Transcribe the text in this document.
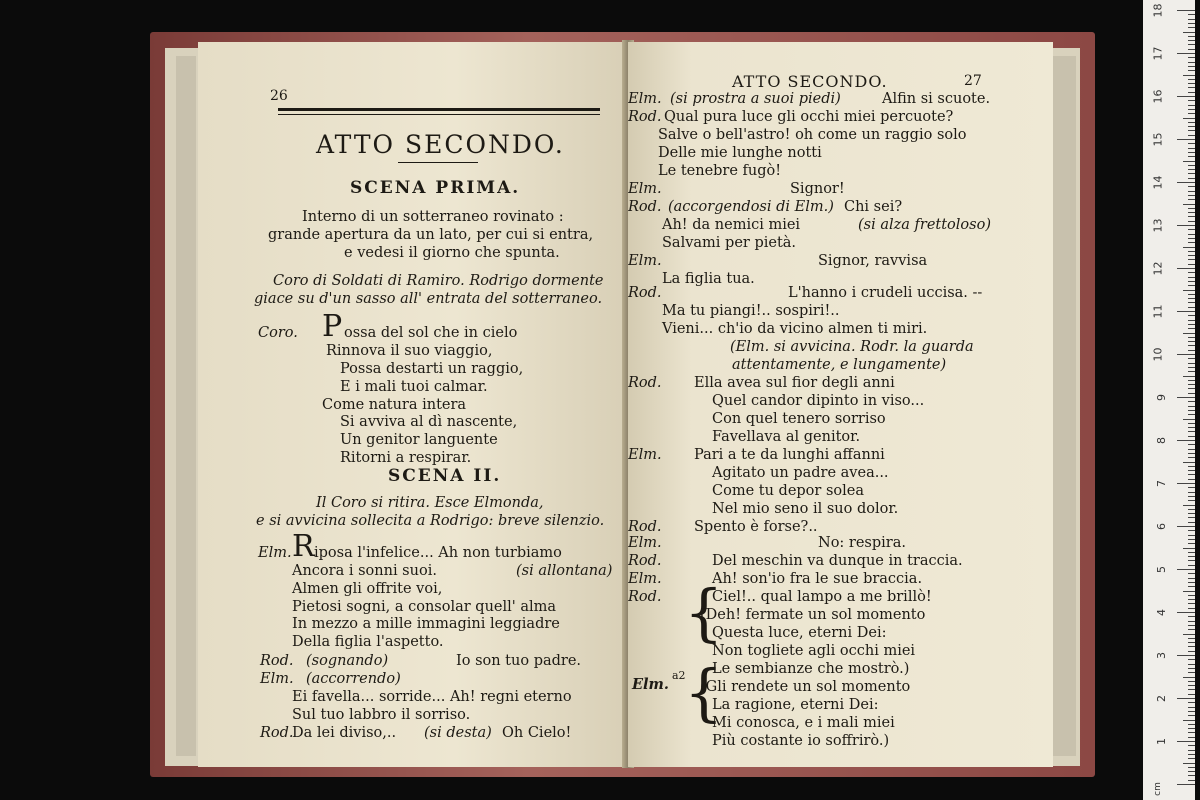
26
ATTO SECONDO.
SCENA PRIMA.
Interno di un sotterraneo rovinato :
grande apertura da un lato, per cui si entra,
e vedesi il giorno che spunta.
Coro di Soldati di Ramiro. Rodrigo dormente
giace su d'un sasso all' entrata del sotterraneo.
Coro. P ossa del sol che in cielo
Rinnova il suo viaggio,
Possa destarti un raggio,
E i mali tuoi calmar.
Come natura intera
Si avviva al dì nascente,
Un genitor languente
Ritorni a respirar.
SCENA II.
Il Coro si ritira. Esce Elmonda,
e si avvicina sollecita a Rodrigo: breve silenzio.
Elm. R iposa l'infelice... Ah non turbiamo
Ancora i sonni suoi.	(si allontana)
Almen gli offrite voi,
Pietosi sogni, a consolar quell' alma
In mezzo a mille immagini leggiadre
Della figlia l'aspetto.
Rod. (sognando)	Io son tuo padre.
Elm. (accorrendo)
Ei favella... sorride... Ah! regni eterno
Sul tuo labbro il sorriso.
Rod.
Da lei diviso,.. (si desta) Oh Cielo!
ATTO SECONDO.	27
Elm. (si prostra a suoi piedi)	Alfin si scuote.
Rod. Qual pura luce gli occhi miei percuote?
Salve o bell'astro! oh come un raggio solo
Delle mie lunghe notti
Le tenebre fugò!
Elm.	Signor!
Rod. (accorgendosi di Elm.) Chi sei?
Ah! da nemici miei	(si alza frettoloso)
Salvami per pietà.
Elm.	Signor, ravvisa
La figlia tua.
Rod.	L'hanno i crudeli uccisa. --
Ma tu piangi!.. sospiri!..
Vieni... ch'io da vicino almen ti miri.
(Elm. si avvicina. Rodr. la guarda
attentamente, e lungamente)
Rod. Ella avea sul fior degli anni
Quel candor dipinto in viso...
Con quel tenero sorriso
Favellava al genitor.
Elm. Pari a te da lunghi affanni
Agitato un padre avea...
Come tu depor solea
Nel mio seno il suo dolor.
Rod. Spento è forse?..
Elm.	No: respira.
Rod.	Del meschin va dunque in traccia.
Elm.	Ah! son'io fra le sue braccia.
Rod.	Ciel!.. qual lampo a me brillò!
{
(Deh! fermate un sol momento
Questa luce, eterni Dei:
Non togliete agli occhi miei
Le sembianze che mostrò.)
Elm.
a2
(Gli rendete un sol momento
La ragione, eterni Dei:
{
Mi conosca, e i mali miei
Più costante io soffrirò.)
cm
18
17
16
15
14
13
12
11
10
9
8
7
6
5
4
3
2
1
